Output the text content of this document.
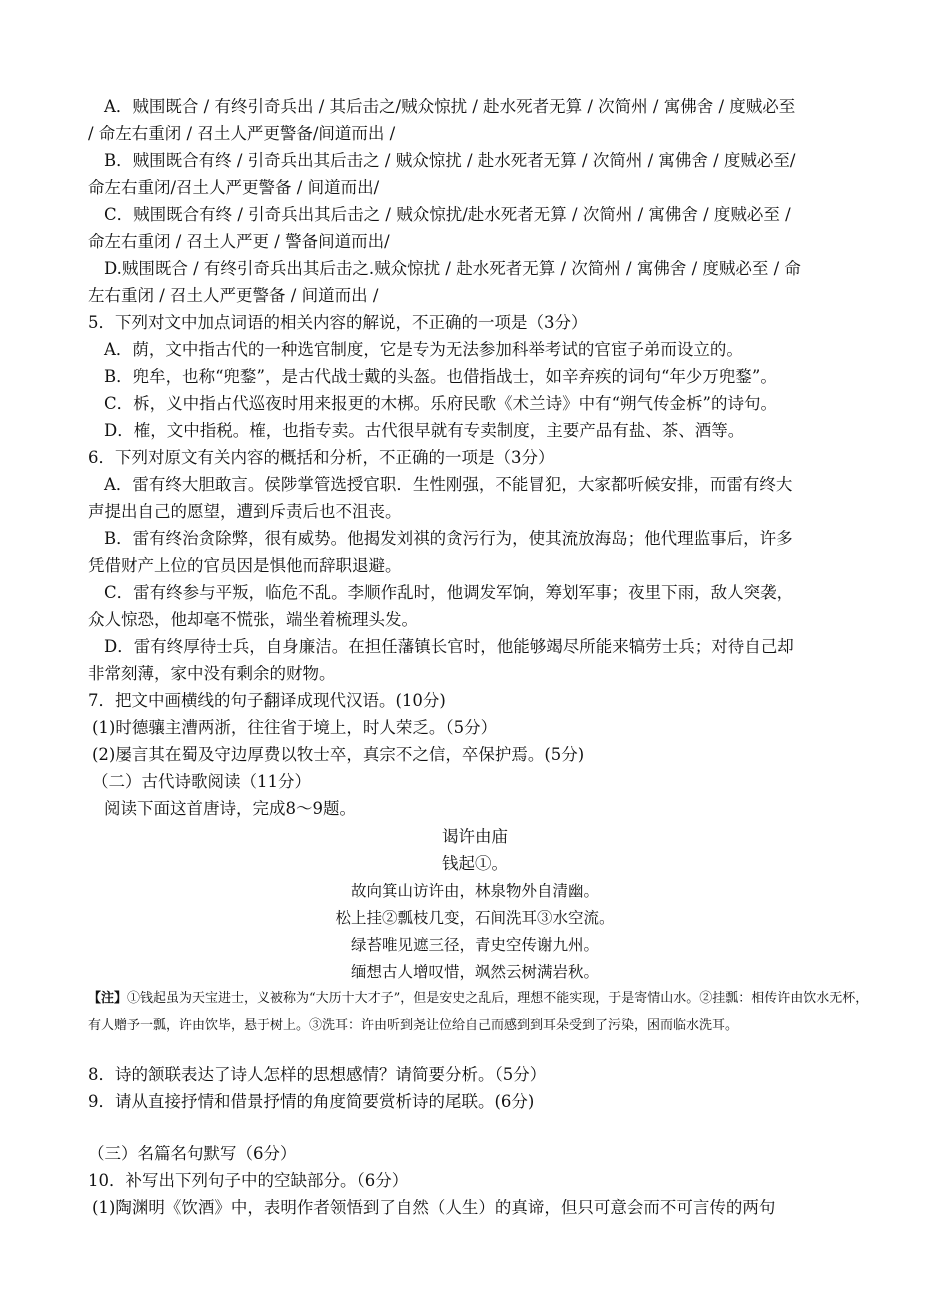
A．贼围既合 / 有终引奇兵出 / 其后击之/贼众惊扰 / 赴水死者无算 / 次简州 / 寓佛舍 / 度贼必至
/ 命左右重闭 / 召土人严更警备/间道而出 /
B．贼围既合有终 / 引奇兵出其后击之 / 贼众惊扰 / 赴水死者无算 / 次简州 / 寓佛舍 / 度贼必至/
命左右重闭/召土人严更警备 / 间道而出/
C．贼围既合有终 / 引奇兵出其后击之 / 贼众惊扰/赴水死者无算 / 次简州 / 寓佛舍 / 度贼必至 /
命左右重闭 / 召土人严更 / 警备间道而出/
D.贼围既合 / 有终引奇兵出其后击之.贼众惊扰 / 赴水死者无算 / 次简州 / 寓佛舍 / 度贼必至 / 命
左右重闭 / 召土人严更警备 / 间道而出 /
5．下列对文中加点词语的相关内容的解说，不正确的一项是（3分）
A．荫，文中指古代的一种选官制度，它是专为无法参加科举考试的官宦子弟而设立的。
B．兜牟，也称“兜鍪”，是古代战士戴的头盔。也借指战士，如辛弃疾的词句“年少万兜鍪”。
C．柝，义中指占代巡夜时用来报更的木梆。乐府民歌《术兰诗》中有“朔气传金柝”的诗句。
D．榷，文中指税。榷，也指专卖。古代很早就有专卖制度，主要产品有盐、茶、酒等。
6．下列对原文有关内容的概括和分析，不正确的一项是（3分）
A．雷有终大胆敢言。侯陟掌管选授官职．生性刚强，不能冒犯，大家都听候安排，而雷有终大
声提出自己的愿望，遭到斥责后也不沮丧。
B．雷有终治贪除弊，很有威势。他揭发刘祺的贪污行为，使其流放海岛；他代理监事后，许多
凭借财产上位的官员因是惧他而辞职退避。
C．雷有终参与平叛，临危不乱。李顺作乱时，他调发军饷，筹划军事；夜里下雨，敌人突袭，
众人惊恐，他却毫不慌张，端坐着梳理头发。
D．雷有终厚待士兵，自身廉洁。在担任藩镇长官时，他能够竭尽所能来犒劳士兵；对待自己却
非常刻薄，家中没有剩余的财物。
7．把文中画横线的句子翻译成现代汉语。(10分)
(1)时德骧主漕两浙，往往省于境上，时人荣乏。（5分）
(2)屡言其在蜀及守边厚费以牧士卒，真宗不之信，卒保护焉。(5分)
（二）古代诗歌阅读（11分）
阅读下面这首唐诗，完成8～9题。
谒许由庙
钱起①。
故向箕山访许由，林泉物外自清幽。
松上挂②瓢枝几变，石间洗耳③水空流。
绿苔唯见遮三径，青史空传谢九州。
缅想古人增叹惜，飒然云树满岩秋。
【注】①钱起虽为天宝进士，义被称为“大历十大才子”，但是安史之乱后，理想不能实现，于是寄情山水。②挂瓢：相传许由饮水无杯，有人赠予一瓢，许由饮毕，悬于树上。③洗耳：许由听到尧让位给自己而感到到耳朵受到了污染，困而临水洗耳。
8．诗的颔联表达了诗人怎样的思想感情？请简要分析。（5分）
9．请从直接抒情和借景抒情的角度简要赏析诗的尾联。(6分)
（三）名篇名句默写（6分）
10．补写出下列句子中的空缺部分。（6分）
(1)陶渊明《饮酒》中，表明作者领悟到了自然（人生）的真谛，但只可意会而不可言传的两句
